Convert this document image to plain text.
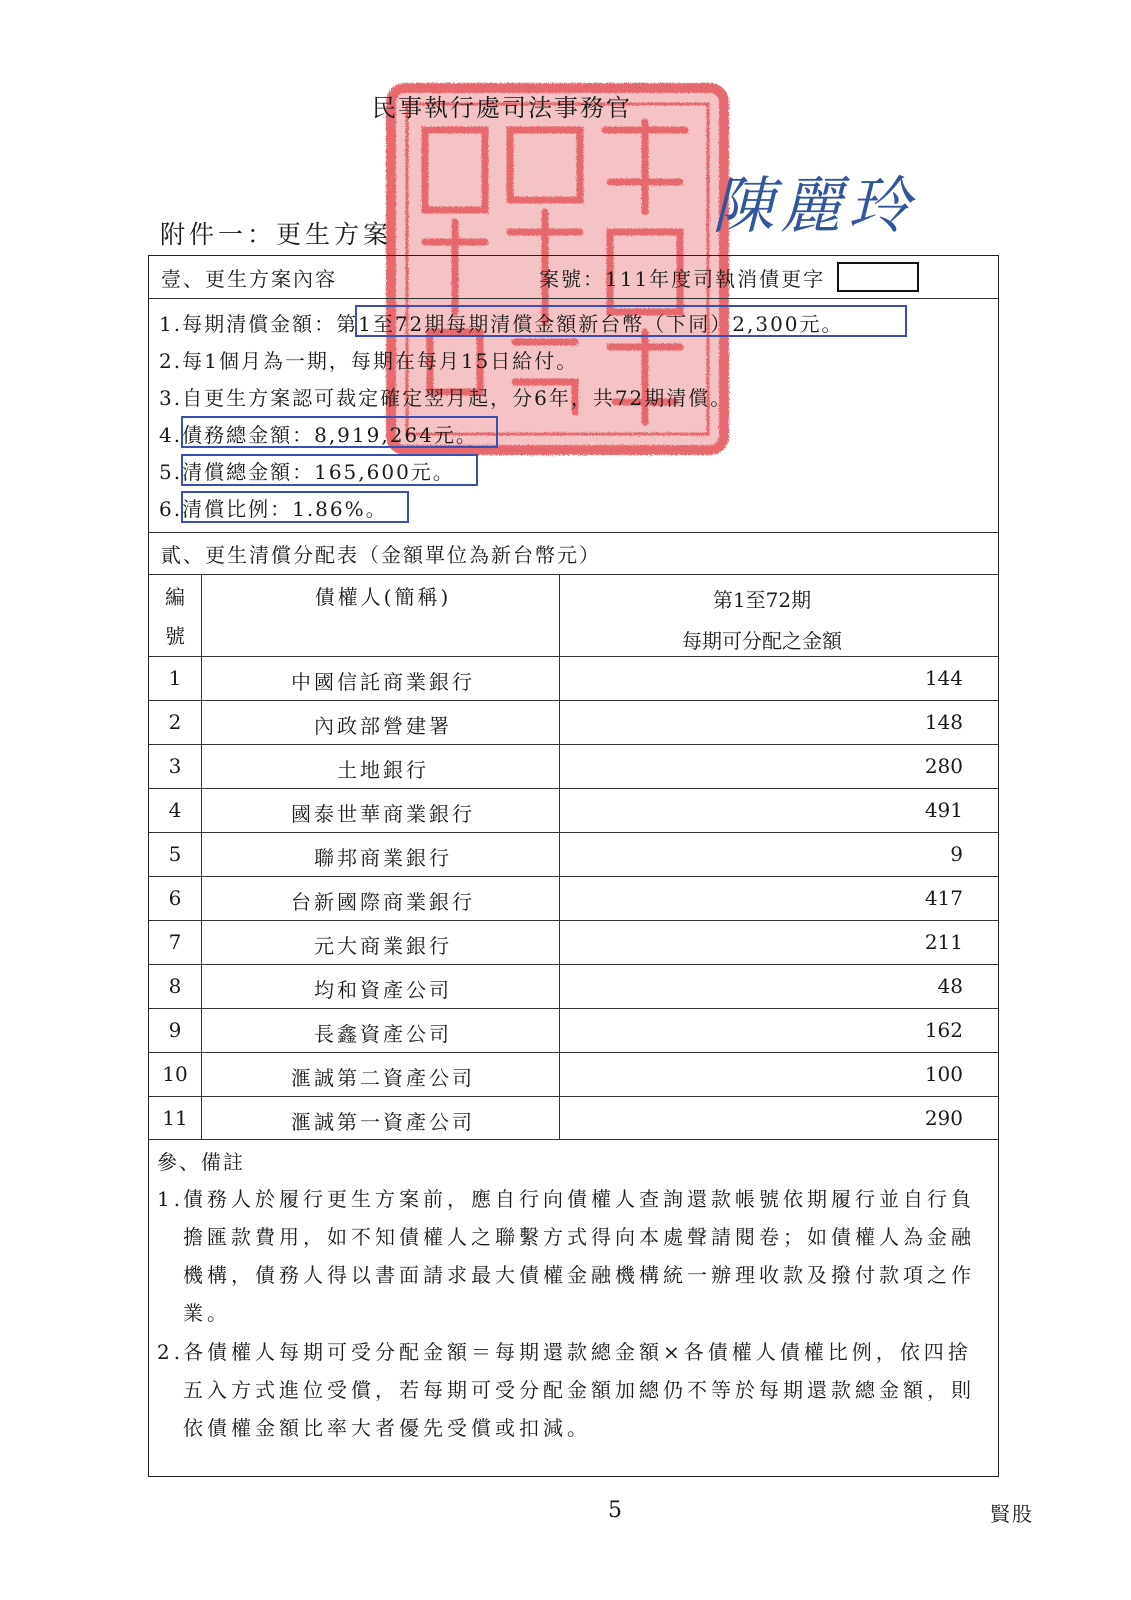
民事執行處司法事務官
陳麗玲
附件一：更生方案
壹、更生方案內容	案號：111年度司執消債更字
1.每期清償金額：第1至72期每期清償金額新台幣（下同）2,300元。
2.每1個月為一期，每期在每月15日給付。
3.自更生方案認可裁定確定翌月起，分6年，共72期清償。
4.債務總金額：8,919,264元。
5.清償總金額：165,600元。
6.清償比例：1.86%。
貳、更生清償分配表（金額單位為新台幣元）
編
號
債權人(簡稱)	第1至72期
每期可分配之金額
1	中國信託商業銀行	144
2	內政部營建署	148
3	土地銀行	280
4	國泰世華商業銀行	491
5	聯邦商業銀行	9
6	台新國際商業銀行	417
7	元大商業銀行	211
8	均和資產公司	48
9	長鑫資產公司	162
10	滙誠第二資產公司	100
11	滙誠第一資產公司	290
參、備註
1.
債務人於履行更生方案前，應自行向債權人查詢還款帳號依期履行並自行負擔匯款費用，如不知債權人之聯繫方式得向本處聲請閱卷；如債權人為金融機構，債務人得以書面請求最大債權金融機構統一辦理收款及撥付款項之作業。
2.
各債權人每期可受分配金額＝每期還款總金額×各債權人債權比例，依四捨五入方式進位受償，若每期可受分配金額加總仍不等於每期還款總金額，則依債權金額比率大者優先受償或扣減。
5	賢股
